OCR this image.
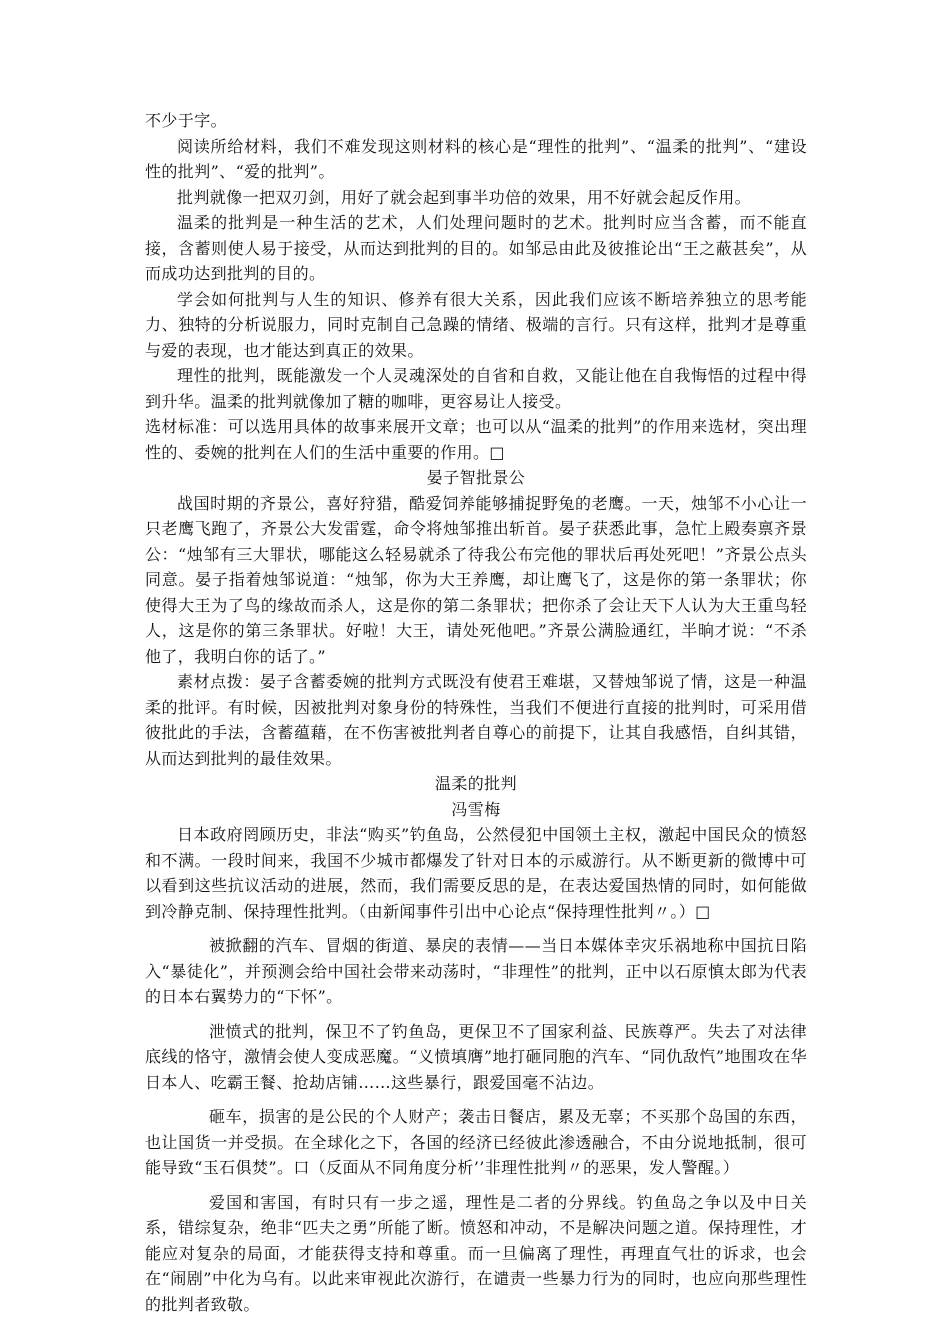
不少于字。

阅读所给材料，我们不难发现这则材料的核心是“理性的批判”、“温柔的批判”、“建设性的批判”、“爱的批判”。

批判就像一把双刃剑，用好了就会起到事半功倍的效果，用不好就会起反作用。

温柔的批判是一种生活的艺术，人们处理问题时的艺术。批判时应当含蓄，而不能直接，含蓄则使人易于接受，从而达到批判的目的。如邹忌由此及彼推论出“王之蔽甚矣”，从而成功达到批判的目的。

学会如何批判与人生的知识、修养有很大关系，因此我们应该不断培养独立的思考能力、独特的分析说服力，同时克制自己急躁的情绪、极端的言行。只有这样，批判才是尊重与爱的表现，也才能达到真正的效果。

理性的批判，既能激发一个人灵魂深处的自省和自救，又能让他在自我悔悟的过程中得到升华。温柔的批判就像加了糖的咖啡，更容易让人接受。

选材标准：可以选用具体的故事来展开文章；也可以从“温柔的批判”的作用来选材，突出理性的、委婉的批判在人们的生活中重要的作用。□

晏子智批景公

战国时期的齐景公，喜好狩猎，酷爱饲养能够捕捉野兔的老鹰。一天，烛邹不小心让一只老鹰飞跑了，齐景公大发雷霆，命令将烛邹推出斩首。晏子获悉此事，急忙上殿奏禀齐景公：“烛邹有三大罪状，哪能这么轻易就杀了待我公布完他的罪状后再处死吧！”齐景公点头同意。晏子指着烛邹说道：“烛邹，你为大王养鹰，却让鹰飞了，这是你的第一条罪状；你使得大王为了鸟的缘故而杀人，这是你的第二条罪状；把你杀了会让天下人认为大王重鸟轻人，这是你的第三条罪状。好啦！大王，请处死他吧。”齐景公满脸通红，半晌才说：“不杀他了，我明白你的话了。”

素材点拨：晏子含蓄委婉的批判方式既没有使君王难堪，又替烛邹说了情，这是一种温柔的批评。有时候，因被批判对象身份的特殊性，当我们不便进行直接的批判时，可采用借彼批此的手法，含蓄蕴藉，在不伤害被批判者自尊心的前提下，让其自我感悟，自纠其错，从而达到批判的最佳效果。

温柔的批判

冯雪梅

日本政府罔顾历史，非法“购买”钓鱼岛，公然侵犯中国领土主权，激起中国民众的愤怒和不满。一段时间来，我国不少城市都爆发了针对日本的示威游行。从不断更新的微博中可以看到这些抗议活动的进展，然而，我们需要反思的是，在表达爱国热情的同时，如何能做到冷静克制、保持理性批判。（由新闻事件引出中心论点“保持理性批判〃。）□

被掀翻的汽车、冒烟的街道、暴戾的表情——当日本媒体幸灾乐祸地称中国抗日陷入“暴徒化”，并预测会给中国社会带来动荡时，“非理性”的批判，正中以石原慎太郎为代表的日本右翼势力的“下怀”。

泄愤式的批判，保卫不了钓鱼岛，更保卫不了国家利益、民族尊严。失去了对法律底线的恪守，激情会使人变成恶魔。“义愤填膺”地打砸同胞的汽车、“同仇敌忾”地围攻在华日本人、吃霸王餐、抢劫店铺……这些暴行，跟爱国毫不沾边。

砸车，损害的是公民的个人财产；袭击日餐店，累及无辜；不买那个岛国的东西，也让国货一并受损。在全球化之下，各国的经济已经彼此渗透融合，不由分说地抵制，很可能导致“玉石俱焚”。口（反面从不同角度分析’’非理性批判〃的恶果，发人警醒。）

爱国和害国，有时只有一步之遥，理性是二者的分界线。钓鱼岛之争以及中日关系，错综复杂，绝非“匹夫之勇”所能了断。愤怒和冲动，不是解决问题之道。保持理性，才能应对复杂的局面，才能获得支持和尊重。而一旦偏离了理性，再理直气壮的诉求，也会在“闹剧”中化为乌有。以此来审视此次游行，在谴责一些暴力行为的同时，也应向那些理性的批判者致敬。
